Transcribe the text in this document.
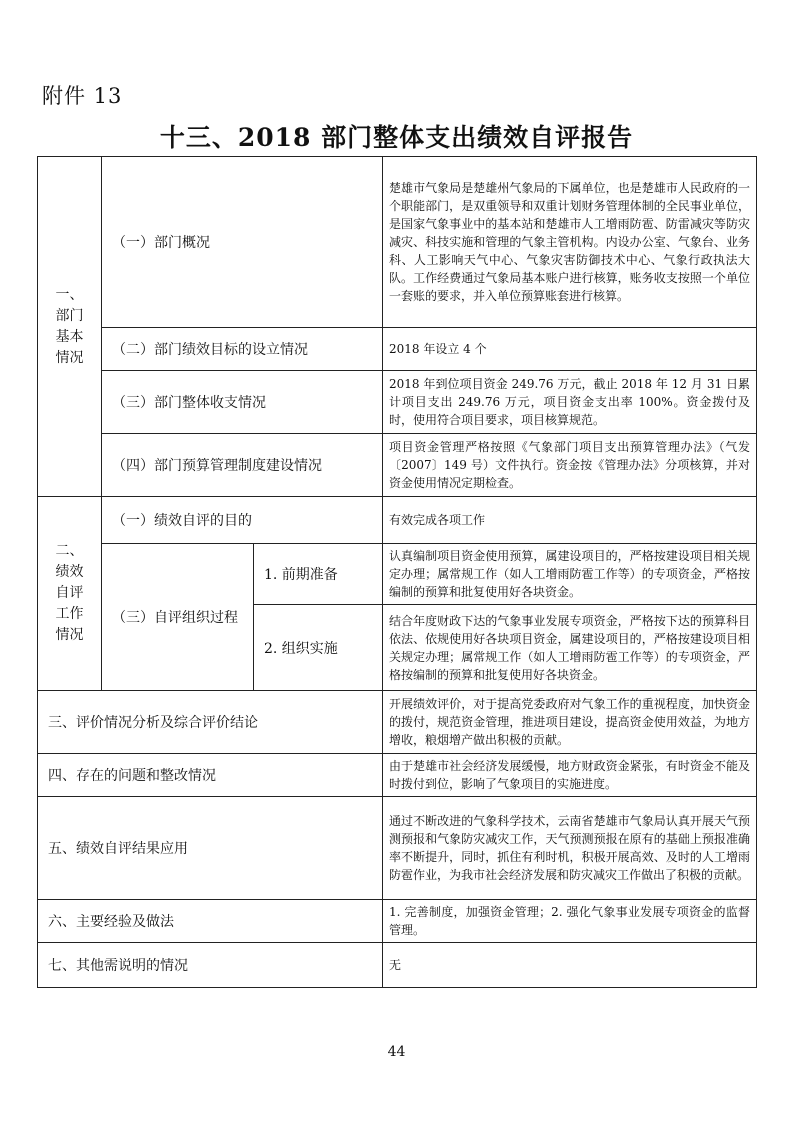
附件 13
十三、2018 部门整体支出绩效自评报告
一、部门基本情况	（一）部门概况		楚雄市气象局是楚雄州气象局的下属单位，也是楚雄市人民政府的一个职能部门，是双重领导和双重计划财务管理体制的全民事业单位，是国家气象事业中的基本站和楚雄市人工增雨防雹、防雷减灾等防灾减灾、科技实施和管理的气象主管机构。内设办公室、气象台、业务科、人工影响天气中心、气象灾害防御技术中心、气象行政执法大队。工作经费通过气象局基本账户进行核算，账务收支按照一个单位一套账的要求，并入单位预算账套进行核算。
	（二）部门绩效目标的设立情况		2018 年设立 4 个
	（三）部门整体收支情况		2018 年到位项目资金 249.76 万元，截止 2018 年 12 月 31 日累计项目支出 249.76 万元，项目资金支出率 100%。资金拨付及时，使用符合项目要求，项目核算规范。
	（四）部门预算管理制度建设情况		项目资金管理严格按照《气象部门项目支出预算管理办法》（气发〔2007〕149 号）文件执行。资金按《管理办法》分项核算，并对资金使用情况定期检查。
二、绩效自评工作情况	（一）绩效自评的目的		有效完成各项工作
	（三）自评组织过程	1. 前期准备	认真编制项目资金使用预算，属建设项目的，严格按建设项目相关规定办理；属常规工作（如人工增雨防雹工作等）的专项资金，严格按编制的预算和批复使用好各块资金。
		2. 组织实施	结合年度财政下达的气象事业发展专项资金，严格按下达的预算科目依法、依规使用好各块项目资金，属建设项目的，严格按建设项目相关规定办理；属常规工作（如人工增雨防雹工作等）的专项资金，严格按编制的预算和批复使用好各块资金。
三、评价情况分析及综合评价结论			开展绩效评价，对于提高党委政府对气象工作的重视程度，加快资金的拨付，规范资金管理，推进项目建设，提高资金使用效益，为地方增收，粮烟增产做出积极的贡献。
四、存在的问题和整改情况			由于楚雄市社会经济发展缓慢，地方财政资金紧张，有时资金不能及时拨付到位，影响了气象项目的实施进度。
五、绩效自评结果应用			通过不断改进的气象科学技术，云南省楚雄市气象局认真开展天气预测预报和气象防灾减灾工作，天气预测预报在原有的基础上预报准确率不断提升，同时，抓住有利时机，积极开展高效、及时的人工增雨防雹作业，为我市社会经济发展和防灾减灾工作做出了积极的贡献。
六、主要经验及做法			1. 完善制度，加强资金管理；2. 强化气象事业发展专项资金的监督管理。
七、其他需说明的情况			无
44
